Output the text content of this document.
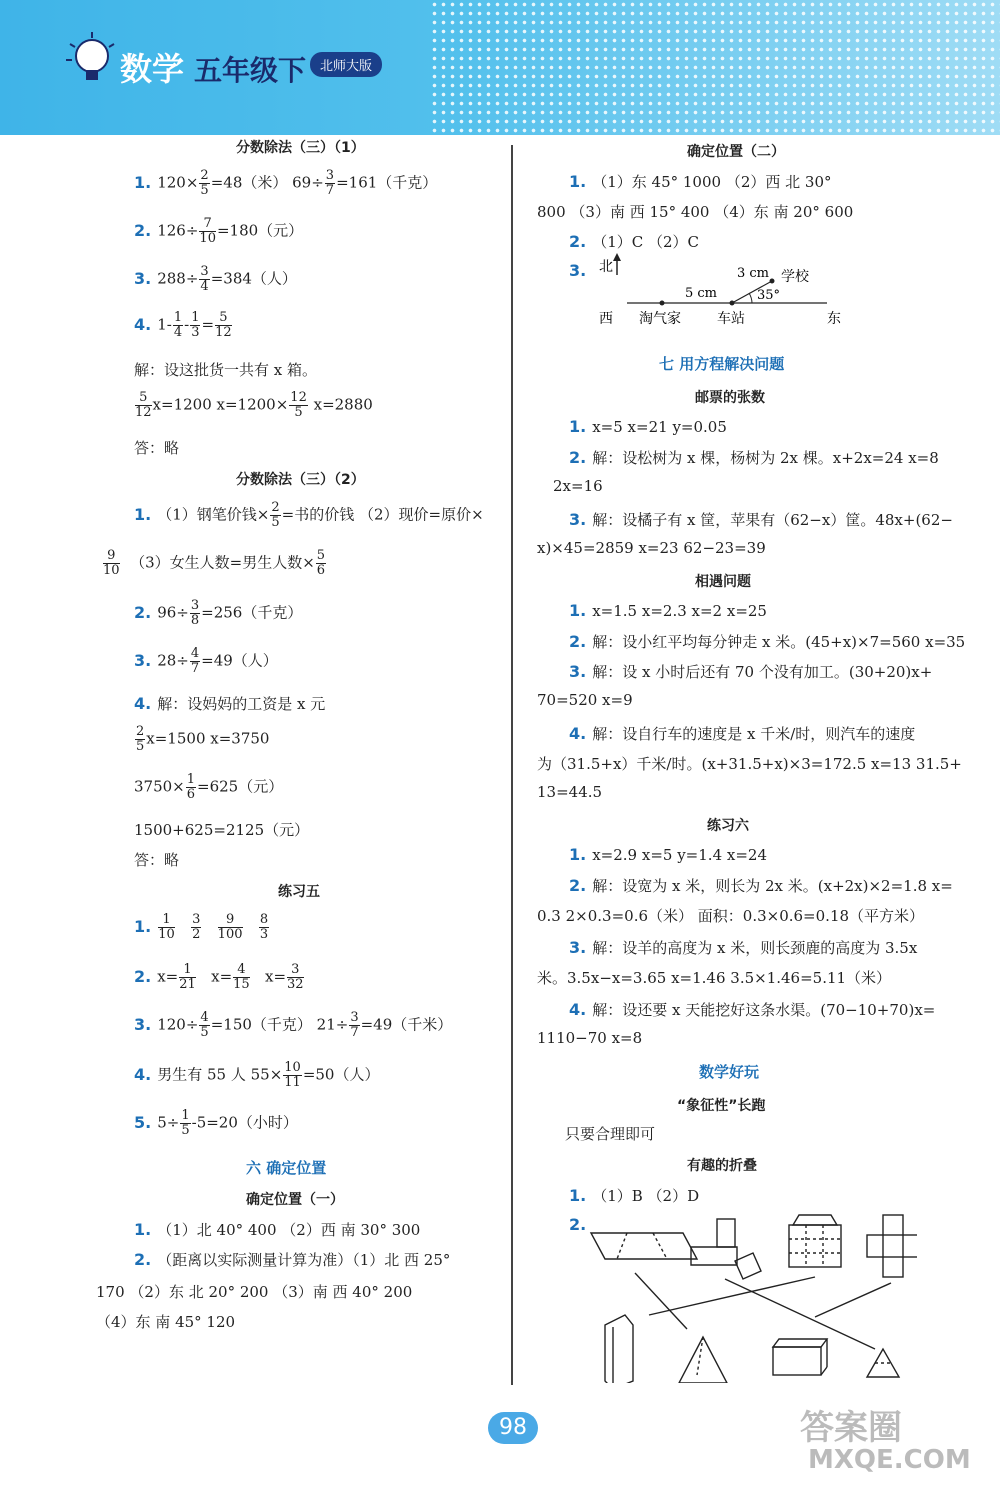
数学 五年级下	北师大版
分数除法（三）（1）
1. $120\times \frac{2}{5} =48$（米） $69\div \frac{3}{7} =161$（千克）
2. $126\div \frac{7}{10} =180$（元）
3. $288\div \frac{3}{4} =384$（人）
4. $1- \frac{1}{4} - \frac{1}{3} = \frac{5}{12}$
解：设这批货一共有 x 箱。
$\frac{5}{12} x=1200$ $x=1200\times \frac{12}{5} x=2880$
答：略
分数除法（三）（2）
1. （1）钢笔价钱× $\frac{2}{5}$ =书的价钱 （2）现价=原价×
$\frac{9}{10} (3)$女生人数=男生人数× $\frac{5}{6}$
2. $96\div \frac{3}{8} =256$（千克）
3. $28\div \frac{4}{7} =49$（人）
4. 解：设妈妈的工资是 x 元
$\frac{2}{5} x=1500$ x=3750
$3750\times \frac{1}{6} =625$（元）
1500+625=2125（元）
答：略
练习五
1. $\frac{1}{10}$
$\frac{3}{2}$
$\frac{9}{100}$
$\frac{8}{3}$
2. $x= \frac{1}{21} x= \frac{4}{15} x= \frac{3}{32}$
3. $120\div \frac{4}{5} =150$（千克） $21\div \frac{3}{7} =49$（千米）
4. 男生有 55 人 $55\times \frac{10}{11} =50$（人）
5. $5\div \frac{1}{5} -5=20$（小时）
六 确定位置
确定位置（一）
1. （1）北 40° 400 （2）西 南 30° 300
2. （距离以实际测量计算为准）（1）北 西 25°
170 （2）东 北 20° 200 （3）南 西 40° 200
（4）东 南 45° 120
确定位置（二）
1. （1）东 45° 1000 （2）西 北 30°
800 （3）南 西 15° 400 （4）东 南 20° 600
2. （1）C （2）C
3. 北
西	东
淘气家	车站
学校
5 cm
3 cm
35°
七 用方程解决问题
邮票的张数
1. x=5 x=21 y=0.05
2. 解：设松树为 x 棵，杨树为 2x 棵。x+2x=24 x=8
2x=16
3. 解：设橘子有 x 筐，苹果有（62−x）筐。48x+(62−
x)×45=2859 x=23 62−23=39
相遇问题
1. x=1.5 x=2.3 x=2 x=25
2. 解：设小红平均每分钟走 x 米。(45+x)×7=560 x=35
3. 解：设 x 小时后还有 70 个没有加工。(30+20)x+
70=520 x=9
4. 解：设自行车的速度是 x 千米/时，则汽车的速度
为（31.5+x）千米/时。(x+31.5+x)×3=172.5 x=13 31.5+
13=44.5
练习六
1. x=2.9 x=5 y=1.4 x=24
2. 解：设宽为 x 米，则长为 2x 米。(x+2x)×2=1.8 x=
0.3 2×0.3=0.6（米） 面积：0.3×0.6=0.18（平方米）
3. 解：设羊的高度为 x 米，则长颈鹿的高度为 3.5x
米。3.5x−x=3.65 x=1.46 3.5×1.46=5.11（米）
4. 解：设还要 x 天能挖好这条水渠。(70−10+70)x=
1110−70 x=8
数学好玩
“象征性”长跑
只要合理即可
有趣的折叠
1. （1）B （2）D
2.
98	答案圈
MXQE.COM
